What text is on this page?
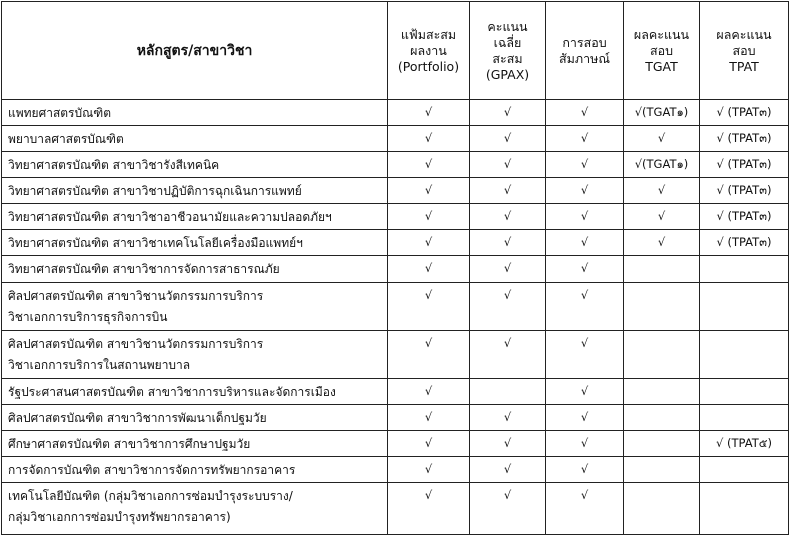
หลักสูตร/สาขาวิชา	แฟ้มสะสม
ผลงาน
(Portfolio)	คะแนน
เฉลี่ย
สะสม
(GPAX)	การสอบ
สัมภาษณ์	ผลคะแนน
สอบ
TGAT	ผลคะแนน
สอบ
TPAT

แพทยศาสตรบัณฑิต	√	√	√	√(TGAT๑)	√ (TPAT๓)

พยาบาลศาสตรบัณฑิต	√	√	√	√	√ (TPAT๓)

วิทยาศาสตรบัณฑิต สาขาวิชารังสีเทคนิค	√	√	√	√(TGAT๑)	√ (TPAT๓)

วิทยาศาสตรบัณฑิต สาขาวิชาปฏิบัติการฉุกเฉินการแพทย์	√	√	√	√	√ (TPAT๓)

วิทยาศาสตรบัณฑิต สาขาวิชาอาชีวอนามัยและความปลอดภัยฯ	√	√	√	√	√ (TPAT๓)

วิทยาศาสตรบัณฑิต สาขาวิชาเทคโนโลยีเครื่องมือแพทย์ฯ	√	√	√	√	√ (TPAT๓)

วิทยาศาสตรบัณฑิต สาขาวิชาการจัดการสาธารณภัย	√	√	√		

ศิลปศาสตรบัณฑิต สาขาวิชานวัตกรรมการบริการ
วิชาเอกการบริการธุรกิจการบิน	√	√	√		

ศิลปศาสตรบัณฑิต สาขาวิชานวัตกรรมการบริการ
วิชาเอกการบริการในสถานพยาบาล	√	√	√		

รัฐประศาสนศาสตรบัณฑิต สาขาวิชาการบริหารและจัดการเมือง	√		√		

ศิลปศาสตรบัณฑิต สาขาวิชาการพัฒนาเด็กปฐมวัย	√	√	√		

ศึกษาศาสตรบัณฑิต สาขาวิชาการศึกษาปฐมวัย	√	√	√		√ (TPAT๕)

การจัดการบัณฑิต สาขาวิชาการจัดการทรัพยากรอาคาร	√	√	√		

เทคโนโลยีบัณฑิต (กลุ่มวิชาเอกการซ่อมบำรุงระบบราง/
กลุ่มวิชาเอกการซ่อมบำรุงทรัพยากรอาคาร)	√	√	√		
